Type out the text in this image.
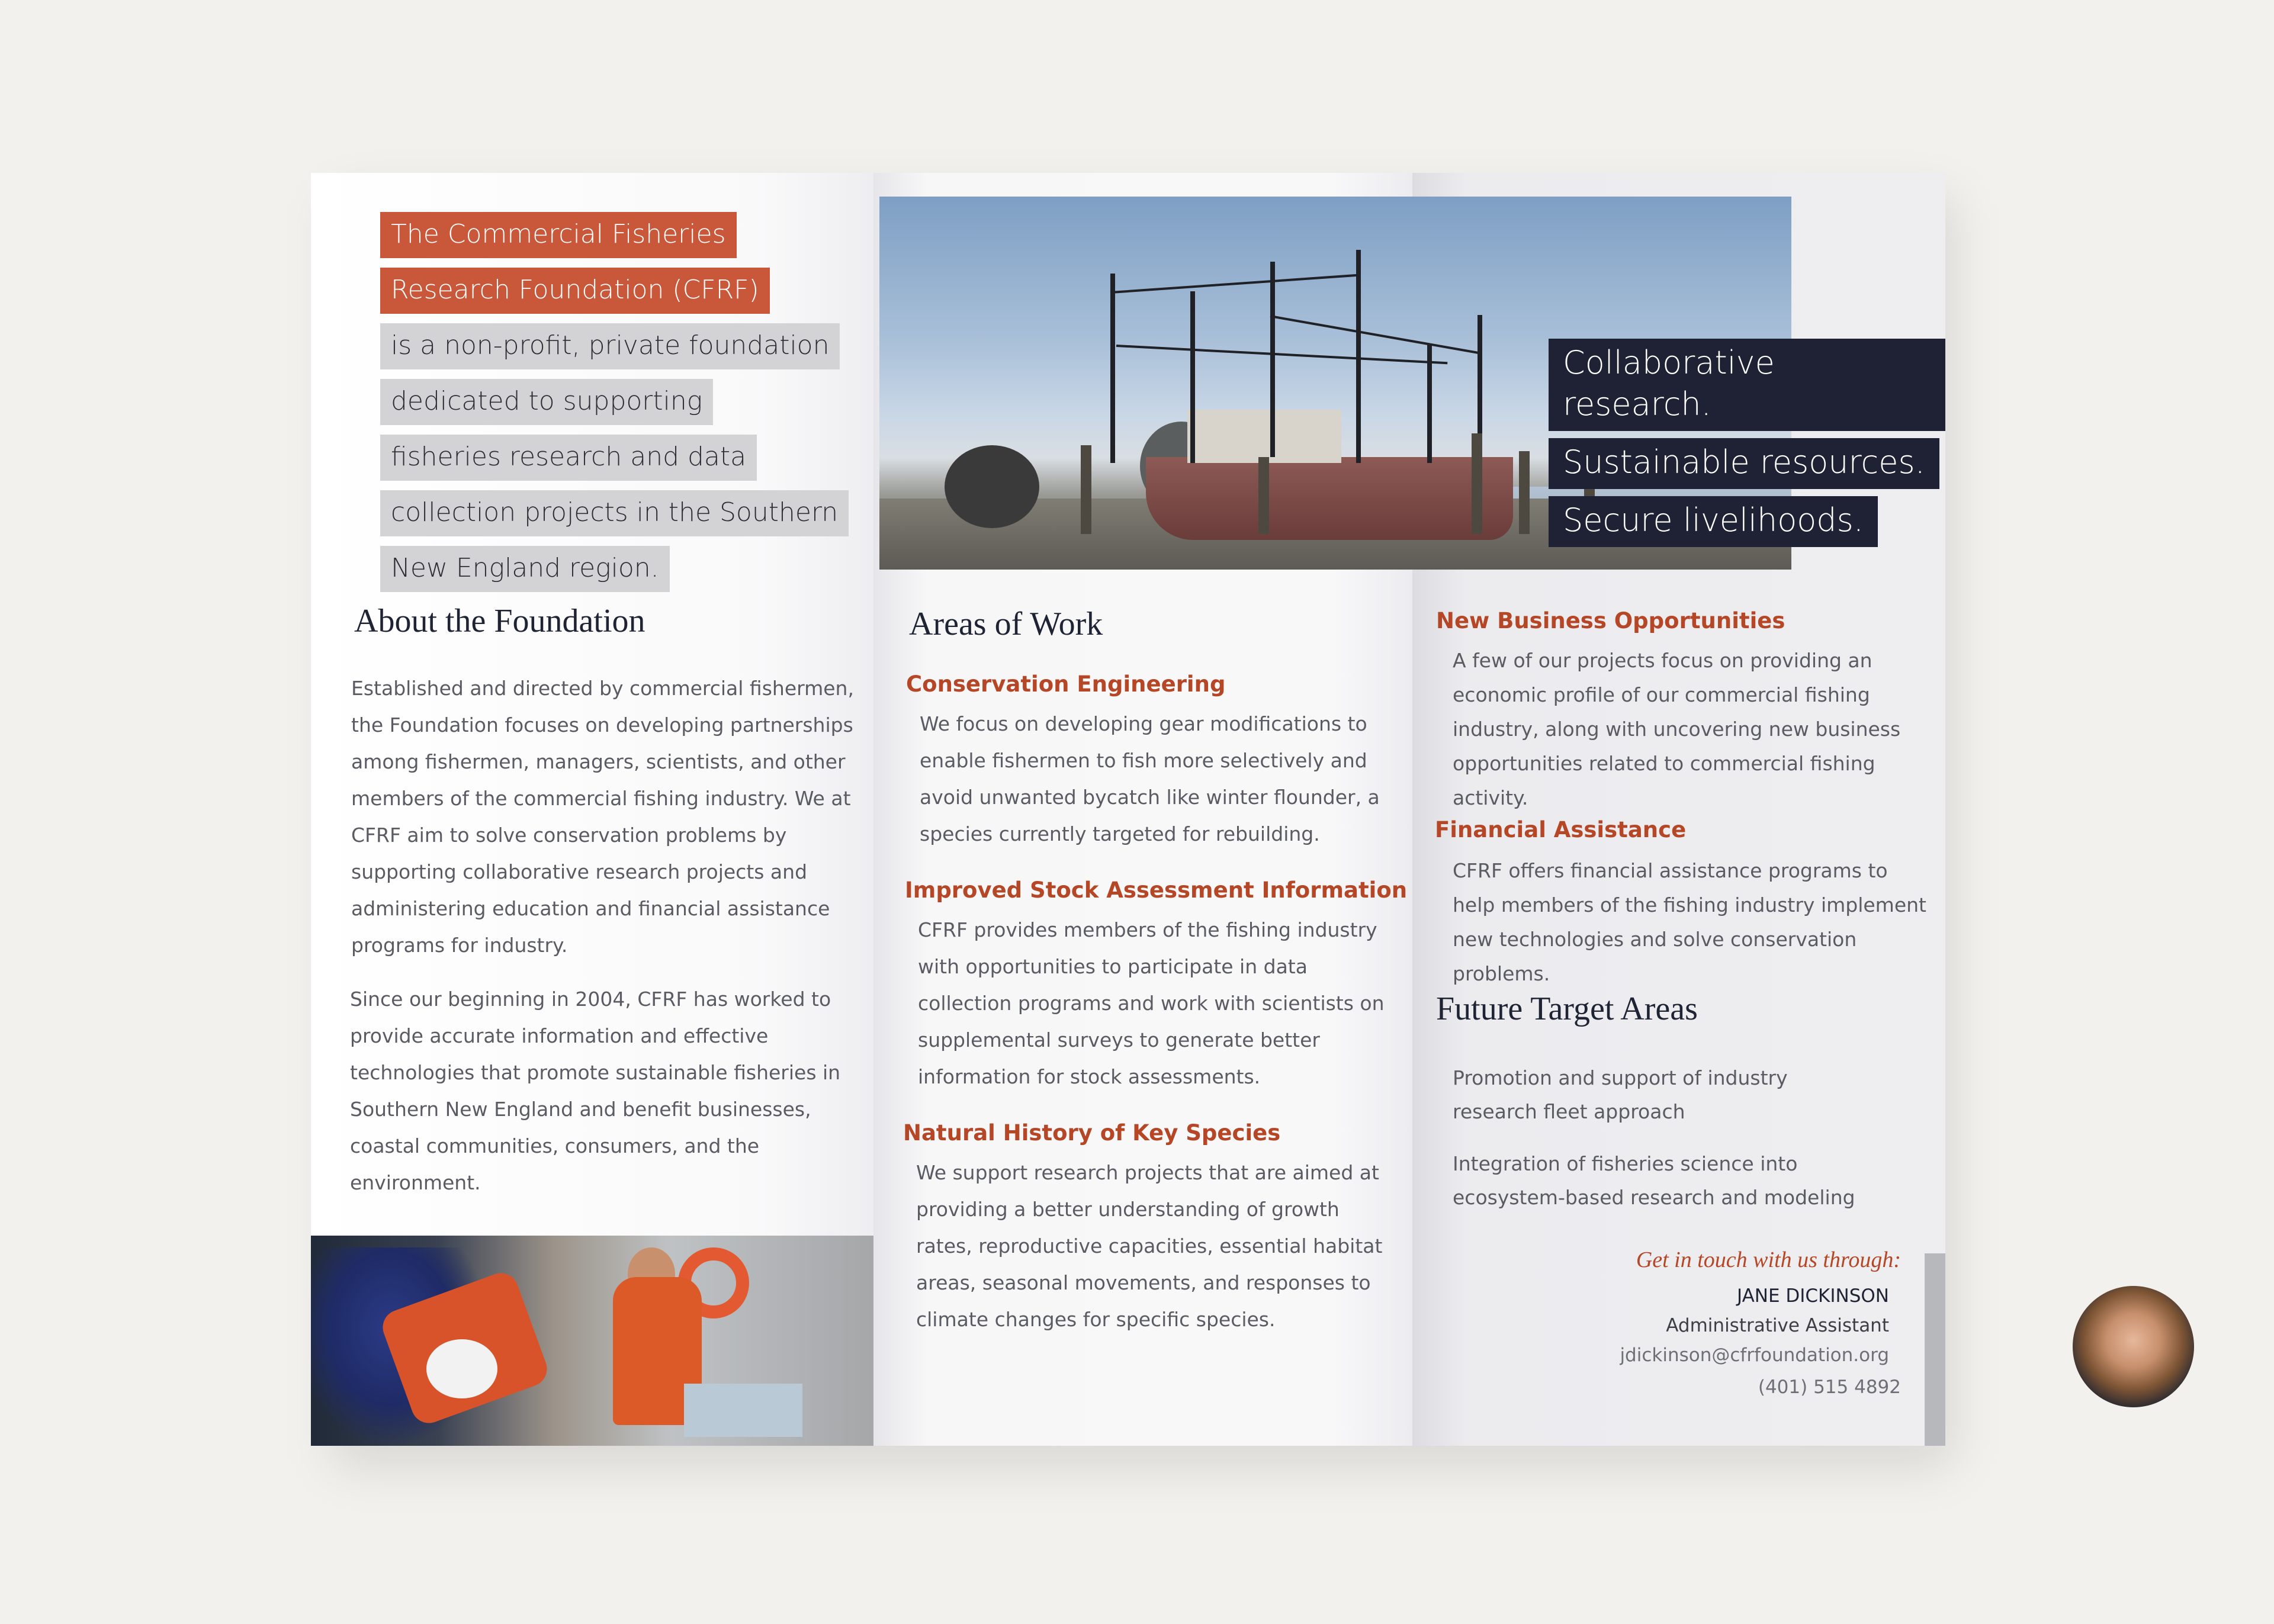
The Commercial Fisheries
Research Foundation (CFRF)
is a non-profit, private foundation
dedicated to supporting
fisheries research and data
collection projects in the Southern
New England region.
About the Foundation

Established and directed by commercial fishermen, the Foundation focuses on developing partnerships among fishermen, managers, scientists, and other members of the commercial fishing industry. We at CFRF aim to solve conservation problems by supporting collaborative research projects and administering education and financial assistance programs for industry.

Since our beginning in 2004, CFRF has worked to provide accurate information and effective technologies that promote sustainable fisheries in Southern New England and benefit businesses, coastal communities, consumers, and the environment.

Areas of Work
Conservation Engineering

We focus on developing gear modifications to enable fishermen to fish more selectively and avoid unwanted bycatch like winter flounder, a species currently targeted for rebuilding.

Improved Stock Assessment Information

CFRF provides members of the fishing industry with opportunities to participate in data collection programs and work with scientists on supplemental surveys to generate better information for stock assessments.

Natural History of Key Species

We support research projects that are aimed at providing a better understanding of growth rates, reproductive capacities, essential habitat areas, seasonal movements, and responses to climate changes for specific species.

New Business Opportunities

A few of our projects focus on providing an economic profile of our commercial fishing industry, along with uncovering new business opportunities related to commercial fishing activity.

Financial Assistance

CFRF offers financial assistance programs to help members of the fishing industry implement new technologies and solve conservation problems.

Future Target Areas

Promotion and support of industry research fleet approach

Integration of fisheries science into ecosystem-based research and modeling

Get in touch with us through:
JANE DICKINSON
Administrative Assistant
jdickinson@cfrfoundation.org
(401) 515 4892
Collaborative research.
Sustainable resources.
Secure livelihoods.
